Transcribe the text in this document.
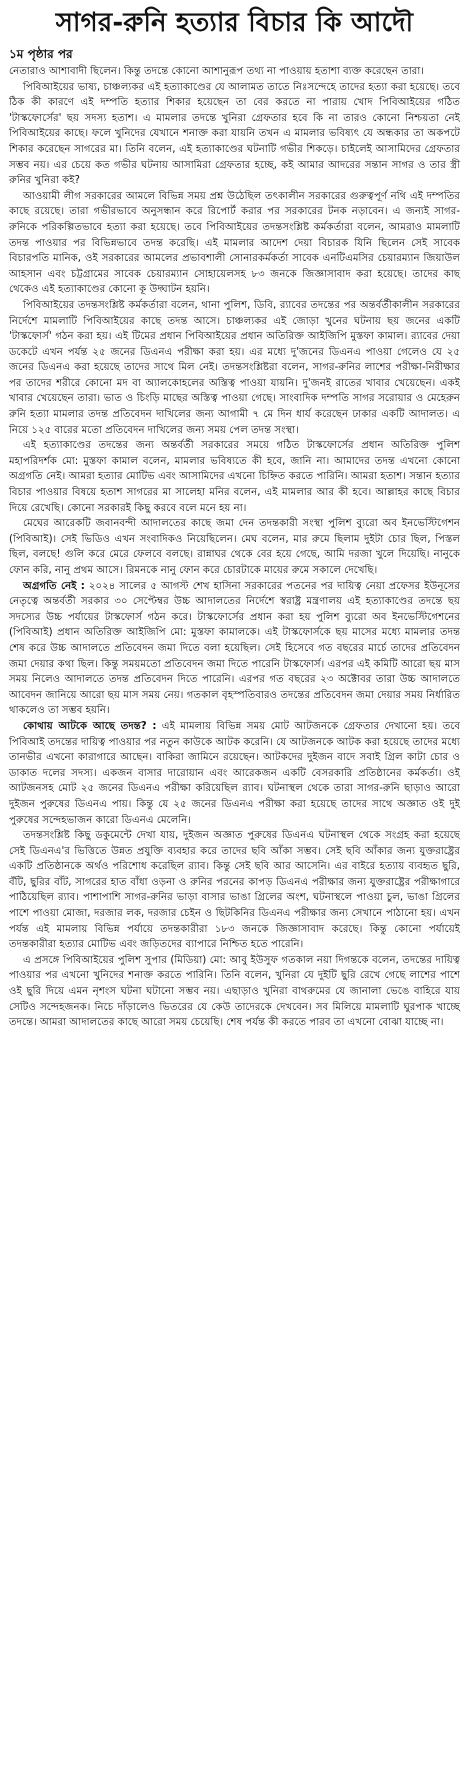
সাগর-রুনি হত্যার বিচার কি আদৌ
১ম পৃষ্ঠার পর

নেতারাও আশাবাদী ছিলেন। কিন্তু তদন্তে কোনো আশানুরূপ তথ্য না পাওয়ায় হতাশা ব্যক্ত করেছেন তারা।

পিবিআইয়ের ভাষ্য, চাঞ্চল্যকর এই হত্যাকাণ্ডের যে আলামত তাতে নিঃসন্দেহে তাদের হত্যা করা হয়েছে। তবে ঠিক কী কারণে এই দম্পতি হত্যার শিকার হয়েছেন তা বের করতে না পারায় খোদ পিবিআইয়ের গঠিত 'টাস্কফোর্সের' ছয় সদস্য হতাশ। এ মামলার তদন্তে খুনিরা গ্রেফতার হবে কি না তারও কোনো নিশ্চয়তা নেই পিবিআইয়ের কাছে। ফলে খুনিদের যেখানে শনাক্ত করা যায়নি তখন এ মামলার ভবিষ্যৎ যে অন্ধকার তা অকপটে শিকার করেছেন সাগরের মা। তিনি বলেন, এই হত্যাকাণ্ডের ঘটনাটি গভীর শিকড়ে। চাইলেই আসামিদের গ্রেফতার সম্ভব নয়। এর চেয়ে কত গভীর ঘটনায় আসামিরা গ্রেফতার হচ্ছে, কই আমার আদরের সন্তান সাগর ও তার স্ত্রী রুনির খুনিরা কই?

আওয়ামী লীগ সরকারের আমলে বিভিন্ন সময় প্রশ্ন উঠেছিল তৎকালীন সরকারের গুরুত্বপূর্ণ নথি এই দম্পতির কাছে রয়েছে। তারা গভীরভাবে অনুসন্ধান করে রিপোর্ট করার পর সরকারের টনক নড়াবেন। এ জন্যই সাগর-রুনিকে পরিকল্পিতভাবে হত্যা করা হয়েছে। তবে পিবিআইয়ের তদন্তসংশ্লিষ্ট কর্মকর্তারা বলেন, আমরাও মামলাটি তদন্ত পাওয়ার পর বিভিন্নভাবে তদন্ত করেছি। এই মামলার আদেশ দেয়া বিচারক যিনি ছিলেন সেই সাবেক বিচারপতি মানিক, ওই সরকারের আমলের প্রভাবশালী সোনারকর্মকর্তা সাবেক এনটিএমসির চেয়ারম্যান জিয়াউল আহসান এবং চট্টগ্রামের সাবেক চেয়ারম্যান সোহায়েলসহ ৮৩ জনকে জিজ্ঞাসাবাদ করা হয়েছে। তাদের কাছ থেকেও এই হত্যাকাণ্ডের কোনো কূ উদ্ঘাটন হয়নি।

পিবিআইয়ের তদন্তসংশ্লিষ্ট কর্মকর্তারা বলেন, থানা পুলিশ, ডিবি, র‍্যাবের তদন্তের পর অন্তর্বর্তীকালীন সরকারের নির্দেশে মামলাটি পিবিআইয়ের কাছে তদন্ত আসে। চাঞ্চল্যকর এই জোড়া খুনের ঘটনায় ছয় জনের একটি 'টাস্কফোর্স' গঠন করা হয়। এই টিমের প্রধান পিবিআইয়ের প্রধান অতিরিক্ত আইজিপি মুস্তফা কামাল। র‍্যাবের দেয়া ডকেটে এখন পর্যন্ত ২৫ জনের ডিএনএ পরীক্ষা করা হয়। এর মধ্যে দু'জনের ডিএনএ পাওয়া গেলেও যে ২৫ জনের ডিএনএ করা হয়েছে তাদের সাথে মিল নেই। তদন্তসংশ্লিষ্টরা বলেন, সাগর-রুনির লাশের পরীক্ষা-নিরীক্ষার পর তাদের শরীরে কোনো মদ বা অ্যালকোহলের অস্তিত্ব পাওয়া যায়নি। দু'জনই রাতের খাবার খেয়েছেন। একই খাবার খেয়েছেন তারা। ভাত ও চিংড়ি মাছের অস্তিত্ব পাওয়া গেছে। সাংবাদিক দম্পতি সাগর সরোয়ার ও মেহেরুন রুনি হত্যা মামলার তদন্ত প্রতিবেদন দাখিলের জন্য আগামী ৭ মে দিন ধার্য করেছেন ঢাকার একটি আদালত। এ নিয়ে ১২৫ বারের মতো প্রতিবেদন দাখিলের জন্য সময় পেল তদন্ত সংস্থা।

এই হত্যাকাণ্ডের তদন্তের জন্য অন্তর্বর্তী সরকারের সময়ে গঠিত টাস্কফোর্সের প্রধান অতিরিক্ত পুলিশ মহাপরিদর্শক মো: মুস্তফা কামাল বলেন, মামলার ভবিষ্যতে কী হবে, জানি না। আমাদের তদন্ত এখনো কোনো অগ্রগতি নেই। আমরা হত্যার মোটিভ এবং আসামিদের এখনো চিহ্নিত করতে পারিনি। আমরা হতাশ। সন্তান হত্যার বিচার পাওয়ার বিষয়ে হতাশ সাগরের মা সালেহা মনির বলেন, এই মামলার আর কী হবে। আল্লাহর কাছে বিচার দিয়ে রেখেছি। কোনো সরকারই কিছু করবে বলে মনে হয় না।

মেঘের আরেকটি জবানবন্দী আদালতের কাছে জমা দেন তদন্তকারী সংস্থা পুলিশ ব্যুরো অব ইনভেস্টিগেশন (পিবিআই)। সেই ভিডিও এখন সংবাদিকও নিয়েছিলেন। মেঘ বলেন, মার রুমে ছিলাম দুইটা চোর ছিল, পিস্তল ছিল, বলছে! গুলি করে মেরে ফেলবে বলছে। রান্নাঘর থেকে বের হয়ে গেছে, আমি দরজা খুলে দিয়েছি। নানুকে ফোন করি, নানু প্রথম আসে। রিমনকে নানু ফোন করে চোরটাকে মায়ের রুমে সকালে দেখেছি।

অগ্রগতি নেই : ২০২৪ সালের ৫ আগস্ট শেখ হাসিনা সরকারের পতনের পর দায়িত্ব নেয়া প্রফেসর ইউনূসের নেতৃত্বে অন্তর্বর্তী সরকার ৩০ সেপ্টেম্বর উচ্চ আদালতের নির্দেশে স্বরাষ্ট্র মন্ত্রণালয় এই হত্যাকাণ্ডের তদন্তে ছয় সদস্যের উচ্চ পর্যায়ের টাস্কফোর্স গঠন করে। টাস্কফোর্সের প্রধান করা হয় পুলিশ ব্যুরো অব ইনভেস্টিগেশনের (পিবিআই) প্রধান অতিরিক্ত আইজিপি মো: মুস্তফা কামালকে। এই টাস্কফোর্সকে ছয় মাসের মধ্যে মামলার তদন্ত শেষ করে উচ্চ আদালতে প্রতিবেদন জমা দিতে বলা হয়েছিল। সেই হিসেবে গত বছরের মার্চে তাদের প্রতিবেদন জমা দেয়ার কথা ছিল। কিন্তু সময়মতো প্রতিবেদন জমা দিতে পারেনি টাস্কফোর্স। এরপর এই কমিটি আরো ছয় মাস সময় নিলেও আদালতে তদন্ত প্রতিবেদন দিতে পারেনি। এরপর গত বছরের ২৩ অক্টোবর তারা উচ্চ আদালতে আবেদন জানিয়ে আরো ছয় মাস সময় নেয়। গতকাল বৃহস্পতিবারও তদন্তের প্রতিবেদন জমা দেয়ার সময় নির্ধারিত থাকলেও তা সম্ভব হয়নি।

কোথায় আটকে আছে তদন্ত? : এই মামলায় বিভিন্ন সময় মোট আটজনকে গ্রেফতার দেখানো হয়। তবে পিবিআই তদন্তের দায়িত্ব পাওয়ার পর নতুন কাউকে আটক করেনি। যে আটজনকে আটক করা হয়েছে তাদের মধ্যে তানভীর এখনো কারাগারে আছেন। বাকিরা জামিনে রয়েছেন। আটকদের দুইজন বাদে সবাই গ্রিল কাটা চোর ও ডাকাত দলের সদস্য। একজন বাসার দারোয়ান এবং আরেকজন একটি বেসরকারি প্রতিষ্ঠানের কর্মকর্তা। ওই আটজনসহ মোট ২৫ জনের ডিএনএ পরীক্ষা করিয়েছিল র‍্যাব। ঘটনাস্থল থেকে তারা সাগর-রুনি ছাড়াও আরো দুইজন পুরুষের ডিএনএ পায়। কিন্তু যে ২৫ জনের ডিএনএ পরীক্ষা করা হয়েছে তাদের সাথে অজ্ঞাত ওই দুই পুরুষের সন্দেহভাজন কারো ডিএনএ মেলেনি।

তদন্তসংশ্লিষ্ট কিছু ডকুমেন্টে দেখা যায়, দুইজন অজ্ঞাত পুরুষের ডিএনএ ঘটনাস্থল থেকে সংগ্রহ করা হয়েছে সেই ডিএনএ'র ভিত্তিতে উন্নত প্রযুক্তি ব্যবহার করে তাদের ছবি আঁকা সম্ভব। সেই ছবি আঁকার জন্য যুক্তরাষ্ট্রের একটি প্রতিষ্ঠানকে অর্থও পরিশোধ করেছিল র‍্যাব। কিন্তু সেই ছবি আর আসেনি। এর বাইরে হত্যায় ব্যবহৃত ছুরি, বঁটি, ছুরির বাঁট, সাগরের হাত বাঁধা ওড়না ও রুনির পরনের কাপড় ডিএনএ পরীক্ষার জন্য যুক্তরাষ্ট্রের পরীক্ষাগারে পাঠিয়েছিল র‍্যাব। পাশাপাশি সাগর-রুনির ভাড়া বাসার ভাঙা গ্রিলের অংশ, ঘটনাস্থলে পাওয়া চুল, ভাঙা গ্রিলের পাশে পাওয়া মোজা, দরজার লক, দরজার চেইন ও ছিটকিনির ডিএনএ পরীক্ষার জন্য সেখানে পাঠানো হয়। এখন পর্যন্ত এই মামলায় বিভিন্ন পর্যায়ে তদন্তকারীরা ১৮৩ জনকে জিজ্ঞাসাবাদ করেছে। কিন্তু কোনো পর্যায়েই তদন্তকারীরা হত্যার মোটিভ এবং জড়িতদের ব্যাপারে নিশ্চিত হতে পারেনি।

এ প্রসঙ্গে পিবিআইয়ের পুলিশ সুপার (মিডিয়া) মো: আবু ইউসুফ গতকাল নয়া দিগন্তকে বলেন, তদন্তের দায়িত্ব পাওয়ার পর এখনো খুনিদের শনাক্ত করতে পারিনি। তিনি বলেন, খুনিরা যে দুইটি ছুরি রেখে গেছে লাশের পাশে ওই ছুরি দিয়ে এমন নৃশংস ঘটনা ঘটানো সম্ভব নয়। এছাড়াও খুনিরা বাথরুমের যে জানালা ভেঙে বাহিরে যায় সেটিও সন্দেহজনক। নিচে দাঁড়ালেও ভিতরের যে কেউ তাদেরকে দেখবেন। সব মিলিয়ে মামলাটি ঘুরপাক খাচ্ছে তদন্তে। আমরা আদালতের কাছে আরো সময় চেয়েছি। শেষ পর্যন্ত কী করতে পারব তা এখনো বোঝা যাচ্ছে না।
